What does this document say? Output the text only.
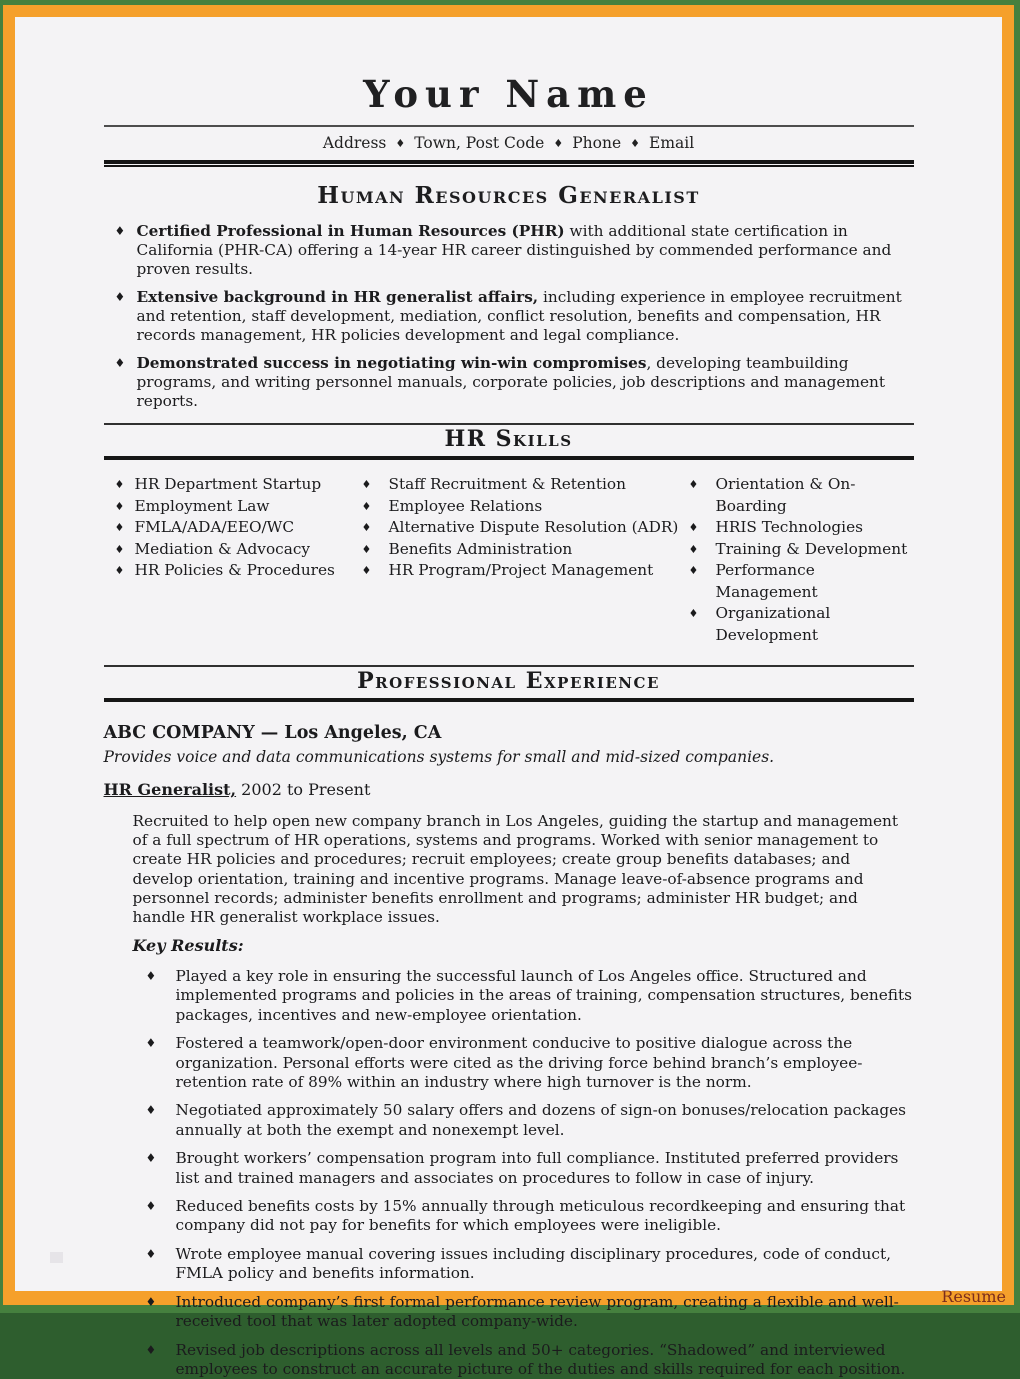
Your Name
Address ♦ Town, Post Code ♦ Phone ♦ Email
Human Resources Generalist
♦ Certified Professional in Human Resources (PHR) with additional state certification in California (PHR-CA) offering a 14-year HR career distinguished by commended performance and proven results.
♦ Extensive background in HR generalist affairs, including experience in employee recruitment and retention, staff development, mediation, conflict resolution, benefits and compensation, HR records management, HR policies development and legal compliance.
♦ Demonstrated success in negotiating win-win compromises, developing teambuilding programs, and writing personnel manuals, corporate policies, job descriptions and management reports.
HR Skills
♦ HR Department Startup
♦ Employment Law
♦ FMLA/ADA/EEO/WC
♦ Mediation & Advocacy
♦ HR Policies & Procedures
♦	Staff Recruitment & Retention
♦	Employee Relations
♦	Alternative Dispute Resolution (ADR)
♦	Benefits Administration
♦	HR Program/Project Management
♦	Orientation & On-Boarding
♦	HRIS Technologies
♦	Training & Development
♦	Performance Management
♦	Organizational Development
Professional Experience
ABC COMPANY — Los Angeles, CA
Provides voice and data communications systems for small and mid-sized companies.
HR Generalist, 2002 to Present
Recruited to help open new company branch in Los Angeles, guiding the startup and management of a full spectrum of HR operations, systems and programs. Worked with senior management to create HR policies and procedures; recruit employees; create group benefits databases; and develop orientation, training and incentive programs. Manage leave-of-absence programs and personnel records; administer benefits enrollment and programs; administer HR budget; and handle HR generalist workplace issues.
Key Results:
♦	Played a key role in ensuring the successful launch of Los Angeles office. Structured and implemented programs and policies in the areas of training, compensation structures, benefits packages, incentives and new-employee orientation.
♦	Fostered a teamwork/open-door environment conducive to positive dialogue across the organization. Personal efforts were cited as the driving force behind branch’s employee-retention rate of 89% within an industry where high turnover is the norm.
♦	Negotiated approximately 50 salary offers and dozens of sign-on bonuses/relocation packages annually at both the exempt and nonexempt level.
♦	Brought workers’ compensation program into full compliance. Instituted preferred providers list and trained managers and associates on procedures to follow in case of injury.
♦	Reduced benefits costs by 15% annually through meticulous recordkeeping and ensuring that company did not pay for benefits for which employees were ineligible.
♦	Wrote employee manual covering issues including disciplinary procedures, code of conduct, FMLA policy and benefits information.
♦	Introduced company’s first formal performance review program, creating a flexible and well-received tool that was later adopted company-wide.
♦	Revised job descriptions across all levels and 50+ categories. “Shadowed” and interviewed employees to construct an accurate picture of the duties and skills required for each position.
Resume
